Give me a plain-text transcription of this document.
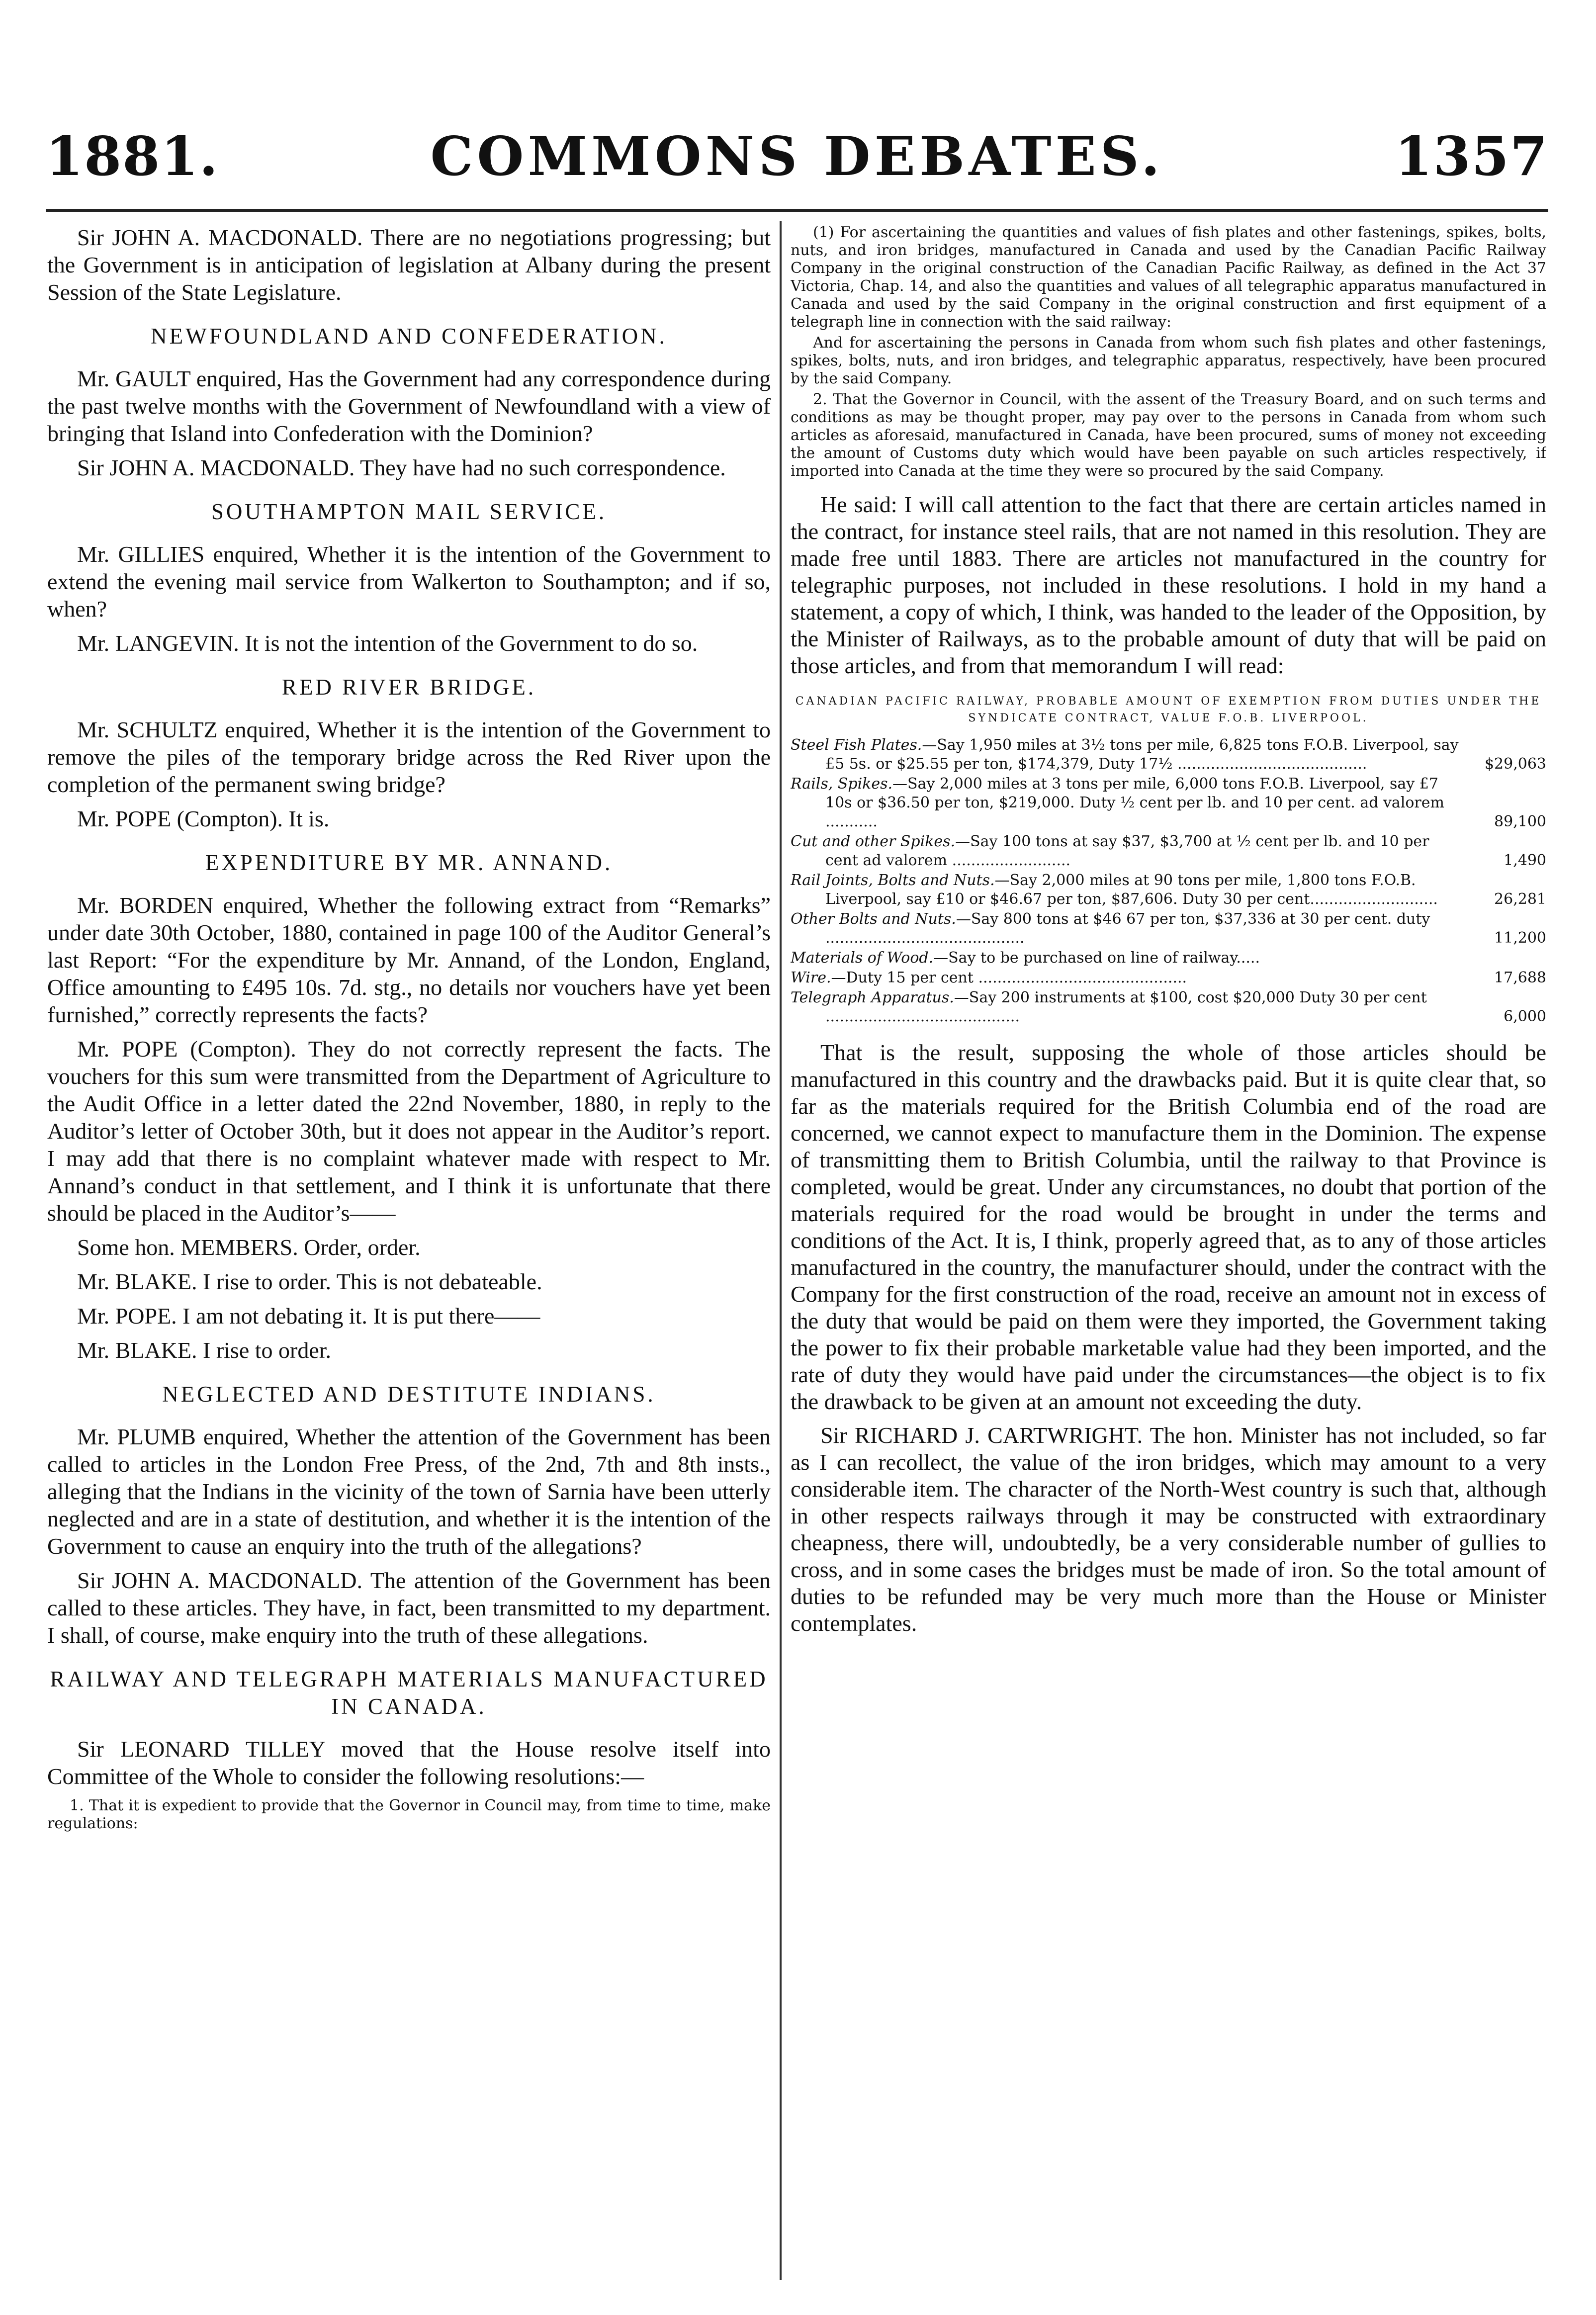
1881.	COMMONS DEBATES.	1357

Sir JOHN A. MACDONALD. There are no negotiations progressing; but the Government is in anticipation of legislation at Albany during the present Session of the State Legislature.

NEWFOUNDLAND AND CONFEDERATION.

Mr. GAULT enquired, Has the Government had any correspondence during the past twelve months with the Government of Newfoundland with a view of bringing that Island into Confederation with the Dominion?

Sir JOHN A. MACDONALD. They have had no such correspondence.

SOUTHAMPTON MAIL SERVICE.

Mr. GILLIES enquired, Whether it is the intention of the Government to extend the evening mail service from Walkerton to Southampton; and if so, when?

Mr. LANGEVIN. It is not the intention of the Government to do so.

RED RIVER BRIDGE.

Mr. SCHULTZ enquired, Whether it is the intention of the Government to remove the piles of the temporary bridge across the Red River upon the completion of the permanent swing bridge?

Mr. POPE (Compton). It is.

EXPENDITURE BY MR. ANNAND.

Mr. BORDEN enquired, Whether the following extract from “Remarks” under date 30th October, 1880, contained in page 100 of the Auditor General’s last Report: “For the expenditure by Mr. Annand, of the London, England, Office amounting to £495 10s. 7d. stg., no details nor vouchers have yet been furnished,” correctly represents the facts?

Mr. POPE (Compton). They do not correctly represent the facts. The vouchers for this sum were transmitted from the Department of Agriculture to the Audit Office in a letter dated the 22nd November, 1880, in reply to the Auditor’s letter of October 30th, but it does not appear in the Auditor’s report. I may add that there is no complaint whatever made with respect to Mr. Annand’s conduct in that settlement, and I think it is unfortunate that there should be placed in the Auditor’s——

Some hon. MEMBERS. Order, order.

Mr. BLAKE. I rise to order. This is not debateable.

Mr. POPE. I am not debating it. It is put there——

Mr. BLAKE. I rise to order.

NEGLECTED AND DESTITUTE INDIANS.

Mr. PLUMB enquired, Whether the attention of the Government has been called to articles in the London Free Press, of the 2nd, 7th and 8th insts., alleging that the Indians in the vicinity of the town of Sarnia have been utterly neglected and are in a state of destitution, and whether it is the intention of the Government to cause an enquiry into the truth of the allegations?

Sir JOHN A. MACDONALD. The attention of the Government has been called to these articles. They have, in fact, been transmitted to my department. I shall, of course, make enquiry into the truth of these allegations.

RAILWAY AND TELEGRAPH MATERIALS MANUFACTURED IN CANADA.

Sir LEONARD TILLEY moved that the House resolve itself into Committee of the Whole to consider the following resolutions:—

1. That it is expedient to provide that the Governor in Council may, from time to time, make regulations:
(1) For ascertaining the quantities and values of fish plates and other fastenings, spikes, bolts, nuts, and iron bridges, manufactured in Canada and used by the Canadian Pacific Railway Company in the original construction of the Canadian Pacific Railway, as defined in the Act 37 Victoria, Chap. 14, and also the quantities and values of all telegraphic apparatus manufactured in Canada and used by the said Company in the original construction and first equipment of a telegraph line in connection with the said railway:
And for ascertaining the persons in Canada from whom such fish plates and other fastenings, spikes, bolts, nuts, and iron bridges, and telegraphic apparatus, respectively, have been procured by the said Company.
2. That the Governor in Council, with the assent of the Treasury Board, and on such terms and conditions as may be thought proper, may pay over to the persons in Canada from whom such articles as aforesaid, manufactured in Canada, have been procured, sums of money not exceeding the amount of Customs duty which would have been payable on such articles respectively, if imported into Canada at the time they were so procured by the said Company.

He said: I will call attention to the fact that there are certain articles named in the contract, for instance steel rails, that are not named in this resolution. They are made free until 1883. There are articles not manufactured in the country for telegraphic purposes, not included in these resolutions. I hold in my hand a statement, a copy of which, I think, was handed to the leader of the Opposition, by the Minister of Railways, as to the probable amount of duty that will be paid on those articles, and from that memorandum I will read:

CANADIAN PACIFIC RAILWAY, PROBABLE AMOUNT OF EXEMPTION FROM DUTIES UNDER THE SYNDICATE CONTRACT, VALUE F.O.B. LIVERPOOL.
Steel Fish Plates.—Say 1,950 miles at 3½ tons per mile, 6,825 tons F.O.B. Liverpool, say £5 5s. or $25.55 per ton, $174,379, Duty 17½ ........................................	$29,063
Rails, Spikes.—Say 2,000 miles at 3 tons per mile, 6,000 tons F.O.B. Liverpool, say £7 10s or $36.50 per ton, $219,000. Duty ½ cent per lb. and 10 per cent. ad valorem ...........	89,100
Cut and other Spikes.—Say 100 tons at say $37, $3,700 at ½ cent per lb. and 10 per cent ad valorem .........................	1,490
Rail Joints, Bolts and Nuts.—Say 2,000 miles at 90 tons per mile, 1,800 tons F.O.B. Liverpool, say £10 or $46.67 per ton, $87,606. Duty 30 per cent...........................	26,281
Other Bolts and Nuts.—Say 800 tons at $46 67 per ton, $37,336 at 30 per cent. duty ..........................................	11,200
Materials of Wood.—Say to be purchased on line of railway.....
Wire.—Duty 15 per cent ............................................	17,688
Telegraph Apparatus.—Say 200 instruments at $100, cost $20,000 Duty 30 per cent .........................................	6,000

That is the result, supposing the whole of those articles should be manufactured in this country and the drawbacks paid. But it is quite clear that, so far as the materials required for the British Columbia end of the road are concerned, we cannot expect to manufacture them in the Dominion. The expense of transmitting them to British Columbia, until the railway to that Province is completed, would be great. Under any circumstances, no doubt that portion of the materials required for the road would be brought in under the terms and conditions of the Act. It is, I think, properly agreed that, as to any of those articles manufactured in the country, the manufacturer should, under the contract with the Company for the first construction of the road, receive an amount not in excess of the duty that would be paid on them were they imported, the Government taking the power to fix their probable marketable value had they been imported, and the rate of duty they would have paid under the circumstances—the object is to fix the drawback to be given at an amount not exceeding the duty.

Sir RICHARD J. CARTWRIGHT. The hon. Minister has not included, so far as I can recollect, the value of the iron bridges, which may amount to a very considerable item. The character of the North-West country is such that, although in other respects railways through it may be constructed with extraordinary cheapness, there will, undoubtedly, be a very considerable number of gullies to cross, and in some cases the bridges must be made of iron. So the total amount of duties to be refunded may be very much more than the House or Minister contemplates.
